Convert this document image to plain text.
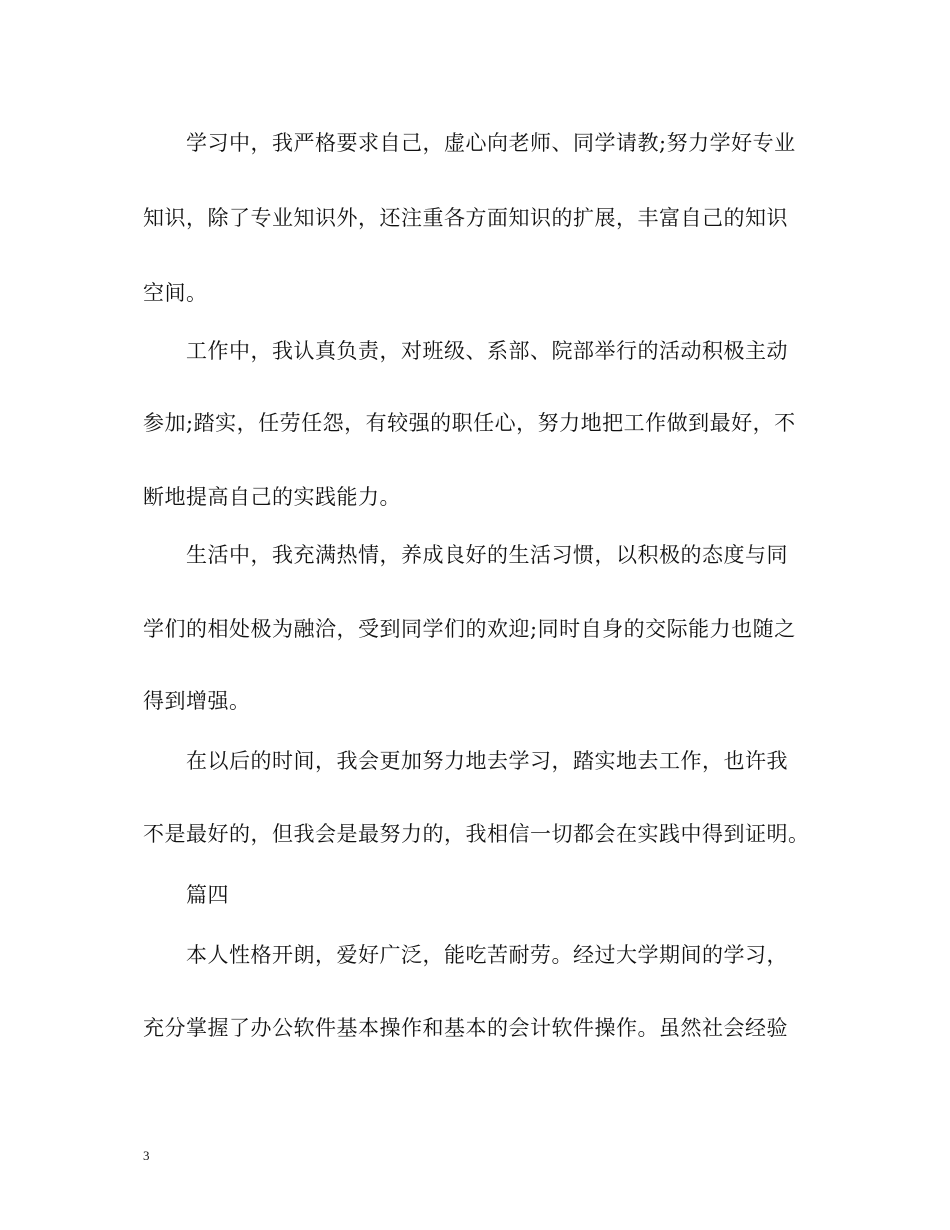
学习中，我严格要求自己，虚心向老师、同学请教;努力学好专业
知识，除了专业知识外，还注重各方面知识的扩展，丰富自己的知识
空间。
工作中，我认真负责，对班级、系部、院部举行的活动积极主动
参加;踏实，任劳任怨，有较强的职任心，努力地把工作做到最好，不
断地提高自己的实践能力。
生活中，我充满热情，养成良好的生活习惯，以积极的态度与同
学们的相处极为融洽，受到同学们的欢迎;同时自身的交际能力也随之
得到增强。
在以后的时间，我会更加努力地去学习，踏实地去工作，也许我
不是最好的，但我会是最努力的，我相信一切都会在实践中得到证明。
篇四
本人性格开朗，爱好广泛，能吃苦耐劳。经过大学期间的学习，
充分掌握了办公软件基本操作和基本的会计软件操作。虽然社会经验
3
